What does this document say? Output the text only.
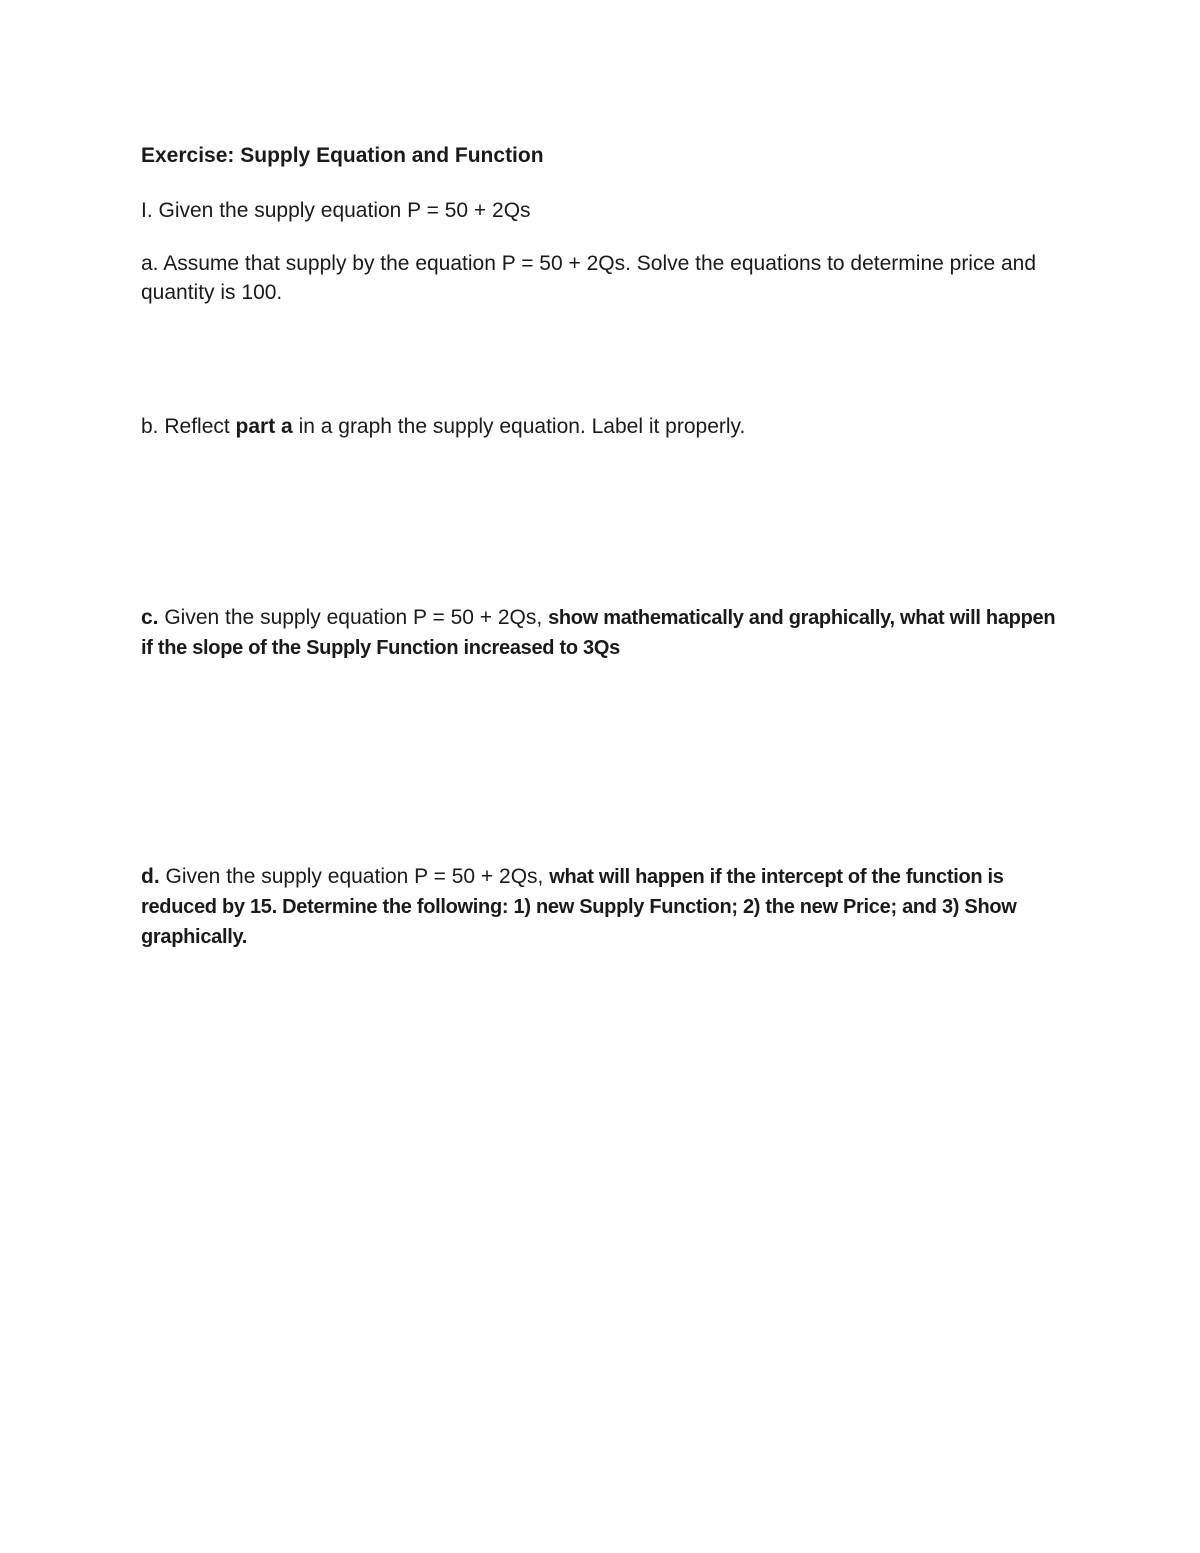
Exercise: Supply Equation and Function

I. Given the supply equation P = 50 + 2Qs

a. Assume that supply by the equation P = 50 + 2Qs. Solve the equations to determine price and quantity is 100.

b. Reflect part a in a graph the supply equation. Label it properly.

c. Given the supply equation P = 50 + 2Qs, show mathematically and graphically, what will happen if the slope of the Supply Function increased to 3Qs

d. Given the supply equation P = 50 + 2Qs, what will happen if the intercept of the function is reduced by 15. Determine the following: 1) new Supply Function; 2) the new Price; and 3) Show graphically.
